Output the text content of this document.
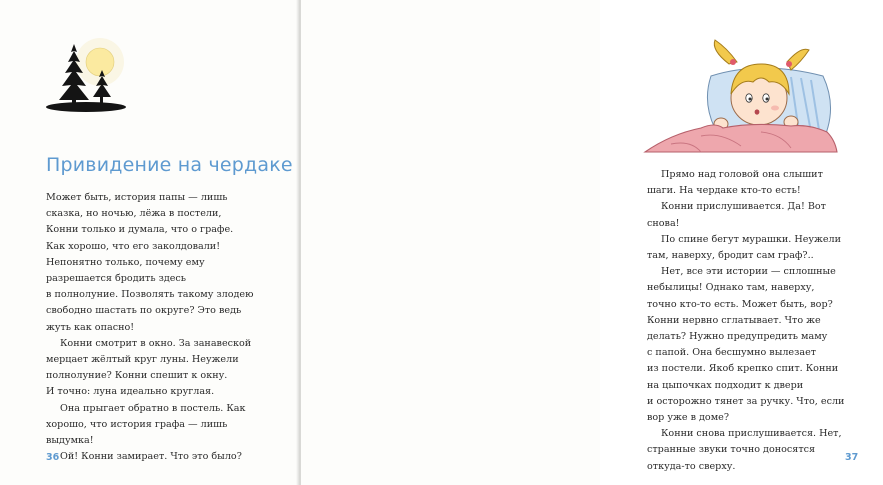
Привидение на чердаке
Может быть, история папы — лишь
сказка, но ночью, лёжа в постели,
Конни только и думала, что о графе.
Как хорошо, что его заколдовали!
Непонятно только, почему ему
разрешается бродить здесь
в полнолуние. Позволять такому злодею
свободно шастать по округе? Это ведь
жуть как опасно!
Конни смотрит в окно. За занавеской
мерцает жёлтый круг луны. Неужели
полнолуние? Конни спешит к окну.
И точно: луна идеально круглая.
Она прыгает обратно в постель. Как
хорошо, что история графа — лишь
выдумка!
Ой! Конни замирает. Что это было?
36
Прямо над головой она слышит
шаги. На чердаке кто-то есть!
Конни прислушивается. Да! Вот
снова!
По спине бегут мурашки. Неужели
там, наверху, бродит сам граф?..
Нет, все эти истории — сплошные
небылицы! Однако там, наверху,
точно кто-то есть. Может быть, вор?
Конни нервно сглатывает. Что же
делать? Нужно предупредить маму
с папой. Она бесшумно вылезает
из постели. Якоб крепко спит. Конни
на цыпочках подходит к двери
и осторожно тянет за ручку. Что, если
вор уже в доме?
Конни снова прислушивается. Нет,
странные звуки точно доносятся
откуда-то сверху.
37
